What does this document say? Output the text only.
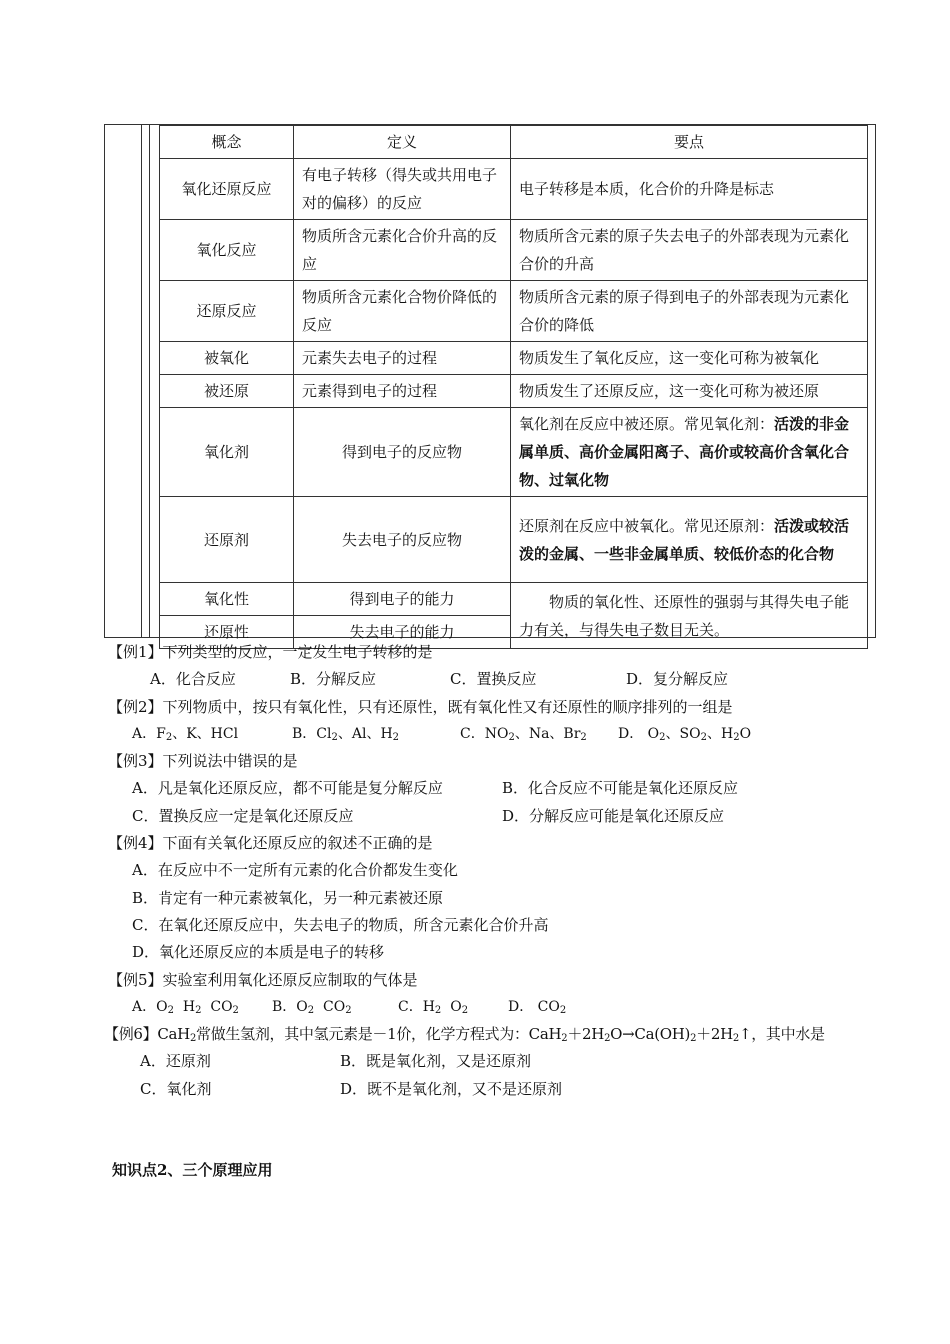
概念	定义	要点
氧化还原反应	有电子转移（得失或共用电子对的偏移）的反应	电子转移是本质，化合价的升降是标志
氧化反应	物质所含元素化合价升高的反应	物质所含元素的原子失去电子的外部表现为元素化合价的升高
还原反应	物质所含元素化合物价降低的反应	物质所含元素的原子得到电子的外部表现为元素化合价的降低
被氧化	元素失去电子的过程	物质发生了氧化反应，这一变化可称为被氧化
被还原	元素得到电子的过程	物质发生了还原反应，这一变化可称为被还原
氧化剂	得到电子的反应物	氧化剂在反应中被还原。常见氧化剂：活泼的非金属单质、高价金属阳离子、高价或较高价含氧化合物、过氧化物
还原剂	失去电子的反应物	还原剂在反应中被氧化。常见还原剂：活泼或较活泼的金属、一些非金属单质、较低价态的化合物
氧化性	得到电子的能力	物质的氧化性、还原性的强弱与其得失电子能力有关，与得失电子数目无关。
还原性	失去电子的能力	
【例1】下列类型的反应，一定发生电子转移的是
A．化合反应	B．分解反应	C．置换反应	D．复分解反应
【例2】下列物质中，按只有氧化性，只有还原性，既有氧化性又有还原性的顺序排列的一组是
A．$F_2$、K、HCl	B．$Cl_2$、Al、$H_2$	C．$NO_2$、Na、$Br_2$ D． $O_2$、$SO_2$、$H_2O$
【例3】下列说法中错误的是
A．凡是氧化还原反应，都不可能是复分解反应	B．化合反应不可能是氧化还原反应
C．置换反应一定是氧化还原反应	D．分解反应可能是氧化还原反应
【例4】下面有关氧化还原反应的叙述不正确的是
A．在反应中不一定所有元素的化合价都发生变化
B．肯定有一种元素被氧化，另一种元素被还原
C．在氧化还原反应中，失去电子的物质，所含元素化合价升高
D．氧化还原反应的本质是电子的转移
【例5】实验室利用氧化还原反应制取的气体是
A．$O_2$  $H_2$  $CO_2$ B．$O_2$  $CO_2$	C．$H_2$  $O_2$	D． $CO_2$
【例6】CaH$_2$常做生氢剂，其中氢元素是－1价，化学方程式为：$CaH_2+2H_2O\to Ca(OH)_2+2H_2↑$，其中水是
A．还原剂	B．既是氧化剂，又是还原剂
C．氧化剂	D．既不是氧化剂，又不是还原剂
知识点2、三个原理应用
